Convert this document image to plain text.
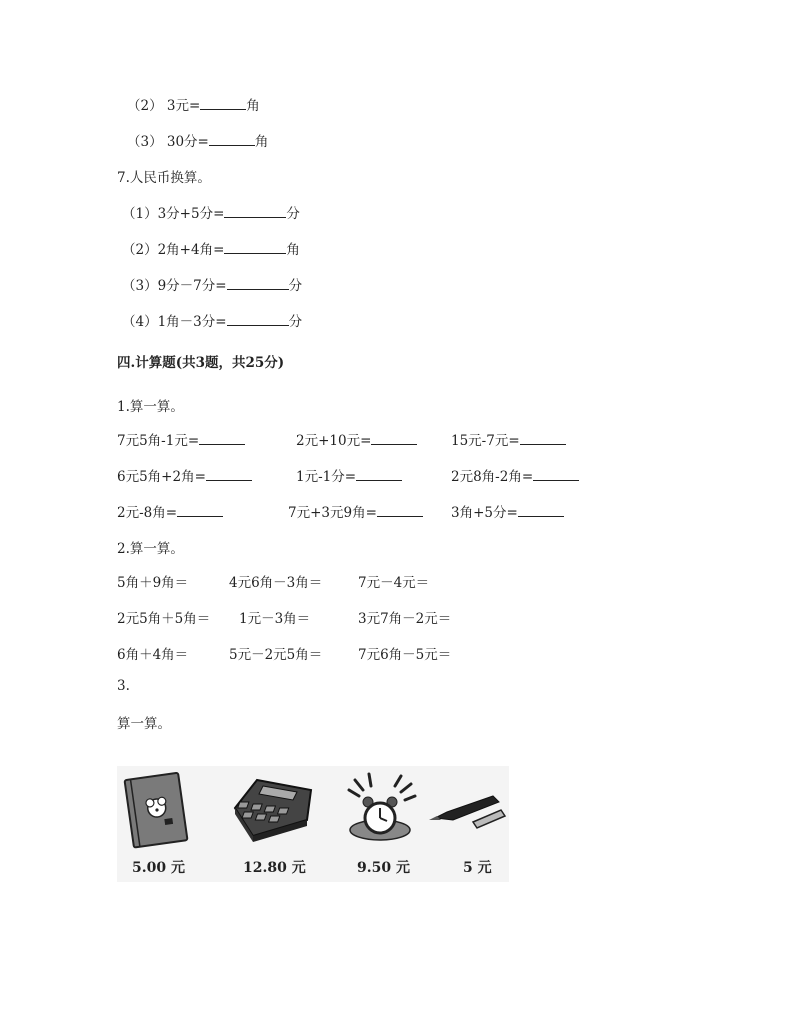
（2） 3元=	角
（3） 30分=	角
7.人民币换算。
（1）3分+5分=	分
（2）2角+4角=	角
（3）9分－7分=	分
（4）1角－3分=	分
四.计算题(共3题，共25分)
1.算一算。
7元5角-1元=	2元+10元=	15元-7元=
6元5角+2角=	1元-1分=	2元8角-2角=
2元-8角=	7元+3元9角=	3角+5分=
2.算一算。
5角＋9角＝	4元6角－3角＝	7元－4元＝
2元5角＋5角＝ 1元－3角＝	3元7角－2元＝
6角＋4角＝	5元－2元5角＝	7元6角－5元＝
3.
算一算。
5.00 元	12.80 元	9.50 元	5 元
